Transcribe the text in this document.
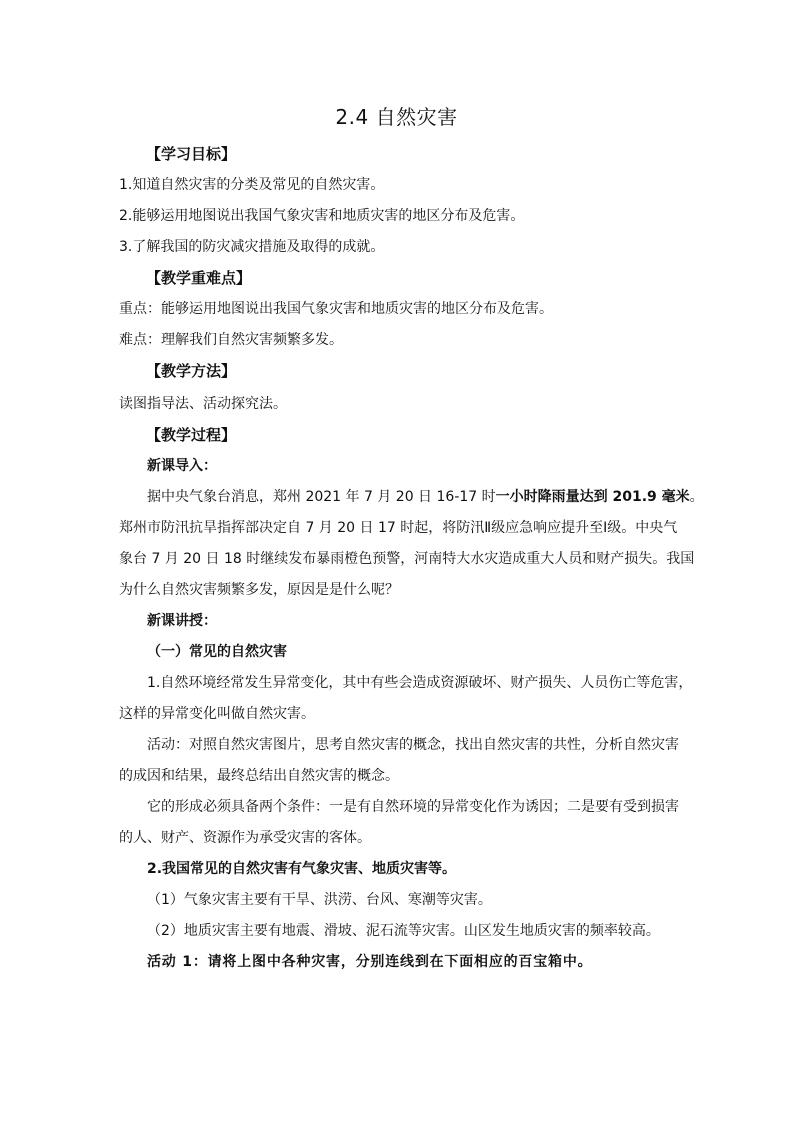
2.4 自然灾害
【学习目标】
1.知道自然灾害的分类及常见的自然灾害。
2.能够运用地图说出我国气象灾害和地质灾害的地区分布及危害。
3.了解我国的防灾减灾措施及取得的成就。
【教学重难点】
重点：能够运用地图说出我国气象灾害和地质灾害的地区分布及危害。
难点：理解我们自然灾害频繁多发。
【教学方法】
读图指导法、活动探究法。
【教学过程】
新课导入：
据中央气象台消息，郑州 2021 年 7 月 20 日 16-17 时一小时降雨量达到 201.9 毫米。
郑州市防汛抗旱指挥部决定自 7 月 20 日 17 时起，将防汛Ⅱ级应急响应提升至Ⅰ级。中央气
象台 7 月 20 日 18 时继续发布暴雨橙色预警，河南特大水灾造成重大人员和财产损失。我国
为什么自然灾害频繁多发，原因是是什么呢？
新课讲授：
（一）常见的自然灾害
1.自然环境经常发生异常变化，其中有些会造成资源破坏、财产损失、人员伤亡等危害，
这样的异常变化叫做自然灾害。
活动：对照自然灾害图片，思考自然灾害的概念，找出自然灾害的共性，分析自然灾害
的成因和结果，最终总结出自然灾害的概念。
它的形成必须具备两个条件：一是有自然环境的异常变化作为诱因；二是要有受到损害
的人、财产、资源作为承受灾害的客体。
2.我国常见的自然灾害有气象灾害、地质灾害等。
（1）气象灾害主要有干旱、洪涝、台风、寒潮等灾害。
（2）地质灾害主要有地震、滑坡、泥石流等灾害。山区发生地质灾害的频率较高。
活动 1：请将上图中各种灾害，分别连线到在下面相应的百宝箱中。
